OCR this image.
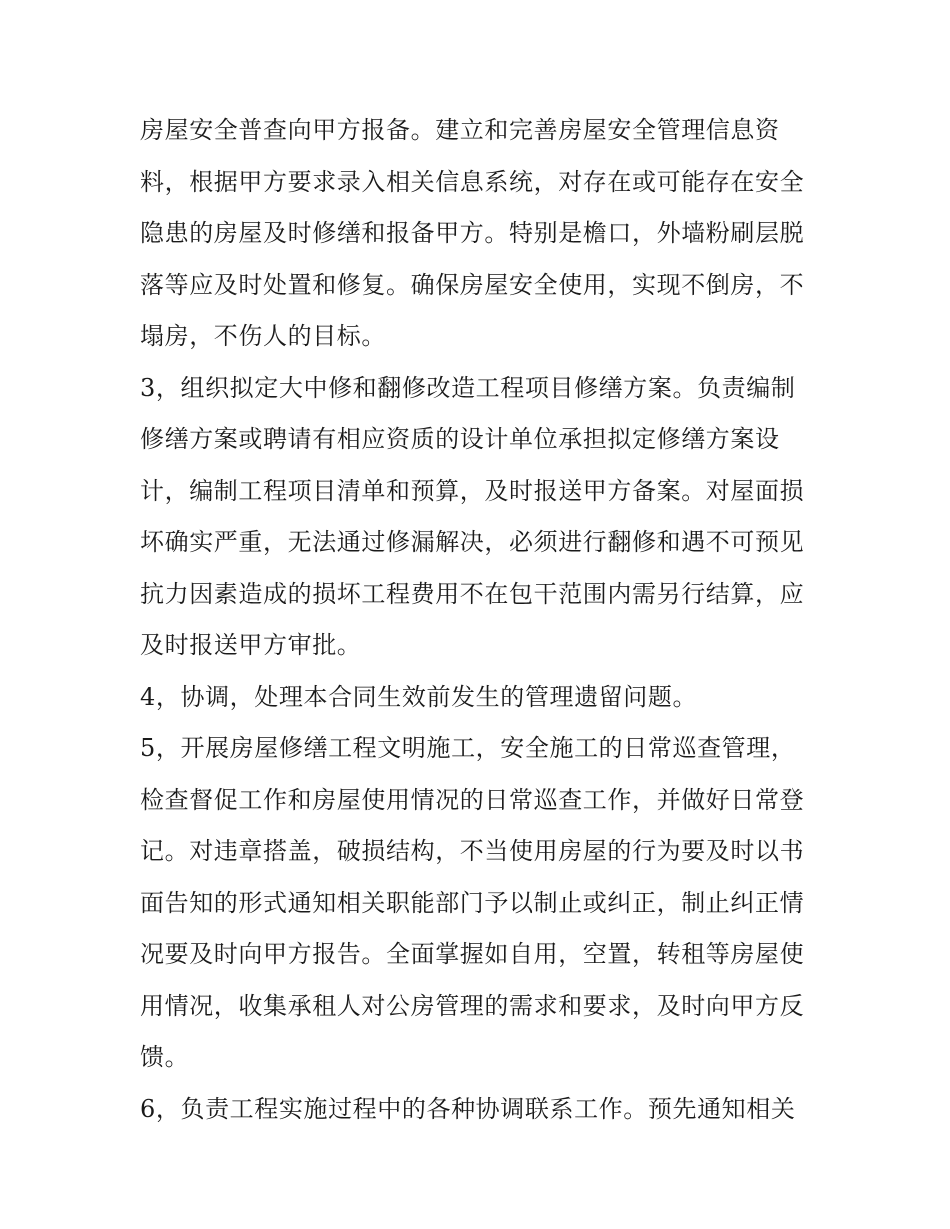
房屋安全普查向甲方报备。建立和完善房屋安全管理信息资
料，根据甲方要求录入相关信息系统，对存在或可能存在安全
隐患的房屋及时修缮和报备甲方。特别是檐口，外墙粉刷层脱
落等应及时处置和修复。确保房屋安全使用，实现不倒房，不
塌房，不伤人的目标。
3，组织拟定大中修和翻修改造工程项目修缮方案。负责编制
修缮方案或聘请有相应资质的设计单位承担拟定修缮方案设
计，编制工程项目清单和预算，及时报送甲方备案。对屋面损
坏确实严重，无法通过修漏解决，必须进行翻修和遇不可预见
抗力因素造成的损坏工程费用不在包干范围内需另行结算，应
及时报送甲方审批。
4，协调，处理本合同生效前发生的管理遗留问题。
5，开展房屋修缮工程文明施工，安全施工的日常巡查管理，
检查督促工作和房屋使用情况的日常巡查工作，并做好日常登
记。对违章搭盖，破损结构，不当使用房屋的行为要及时以书
面告知的形式通知相关职能部门予以制止或纠正，制止纠正情
况要及时向甲方报告。全面掌握如自用，空置，转租等房屋使
用情况，收集承租人对公房管理的需求和要求，及时向甲方反
馈。
6，负责工程实施过程中的各种协调联系工作。预先通知相关
